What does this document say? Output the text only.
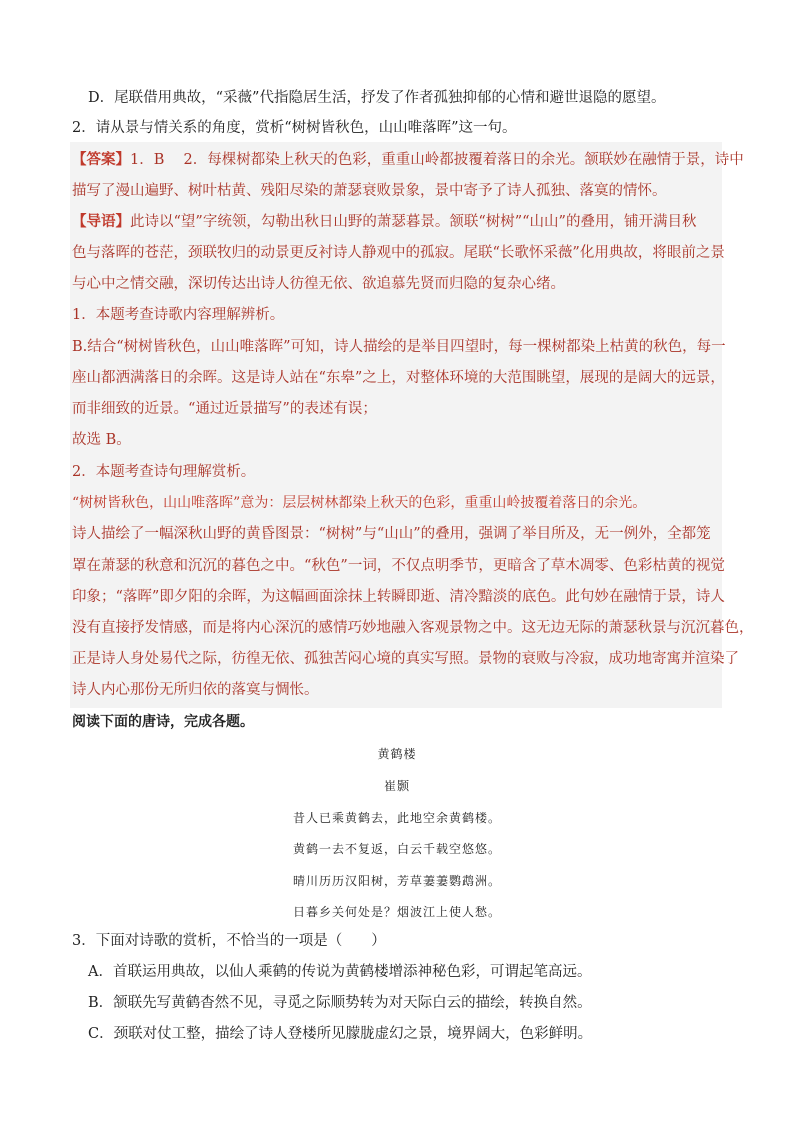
D．尾联借用典故，“采薇”代指隐居生活，抒发了作者孤独抑郁的心情和避世退隐的愿望。
2．请从景与情关系的角度，赏析“树树皆秋色，山山唯落晖”这一句。
【答案】1．B　 2．每棵树都染上秋天的色彩，重重山岭都披覆着落日的余光。颔联妙在融情于景，诗中
描写了漫山遍野、树叶枯黄、残阳尽染的萧瑟衰败景象，景中寄予了诗人孤独、落寞的情怀。
【导语】此诗以“望”字统领，勾勒出秋日山野的萧瑟暮景。颔联“树树”“山山”的叠用，铺开满目秋
色与落晖的苍茫，颈联牧归的动景更反衬诗人静观中的孤寂。尾联“长歌怀采薇”化用典故，将眼前之景
与心中之情交融，深切传达出诗人彷徨无依、欲追慕先贤而归隐的复杂心绪。
1．本题考查诗歌内容理解辨析。
B.结合“树树皆秋色，山山唯落晖”可知，诗人描绘的是举目四望时，每一棵树都染上枯黄的秋色，每一
座山都洒满落日的余晖。这是诗人站在“东皋”之上，对整体环境的大范围眺望，展现的是阔大的远景，
而非细致的近景。“通过近景描写”的表述有误；
故选 B。
2．本题考查诗句理解赏析。
“树树皆秋色，山山唯落晖”意为：层层树林都染上秋天的色彩，重重山岭披覆着落日的余光。
诗人描绘了一幅深秋山野的黄昏图景：“树树”与“山山”的叠用，强调了举目所及，无一例外，全都笼
罩在萧瑟的秋意和沉沉的暮色之中。“秋色”一词，不仅点明季节，更暗含了草木凋零、色彩枯黄的视觉
印象；“落晖”即夕阳的余晖，为这幅画面涂抹上转瞬即逝、清冷黯淡的底色。此句妙在融情于景，诗人
没有直接抒发情感，而是将内心深沉的感情巧妙地融入客观景物之中。这无边无际的萧瑟秋景与沉沉暮色，
正是诗人身处易代之际，彷徨无依、孤独苦闷心境的真实写照。景物的衰败与冷寂，成功地寄寓并渲染了
诗人内心那份无所归依的落寞与惆怅。
阅读下面的唐诗，完成各题。
黄鹤楼
崔颢
昔人已乘黄鹤去，此地空余黄鹤楼。
黄鹤一去不复返，白云千载空悠悠。
晴川历历汉阳树，芳草萋萋鹦鹉洲。
日暮乡关何处是？烟波江上使人愁。
3．下面对诗歌的赏析，不恰当的一项是（　　）
A．首联运用典故，以仙人乘鹤的传说为黄鹤楼增添神秘色彩，可谓起笔高远。
B．颔联先写黄鹤杳然不见，寻觅之际顺势转为对天际白云的描绘，转换自然。
C．颈联对仗工整，描绘了诗人登楼所见朦胧虚幻之景，境界阔大，色彩鲜明。
